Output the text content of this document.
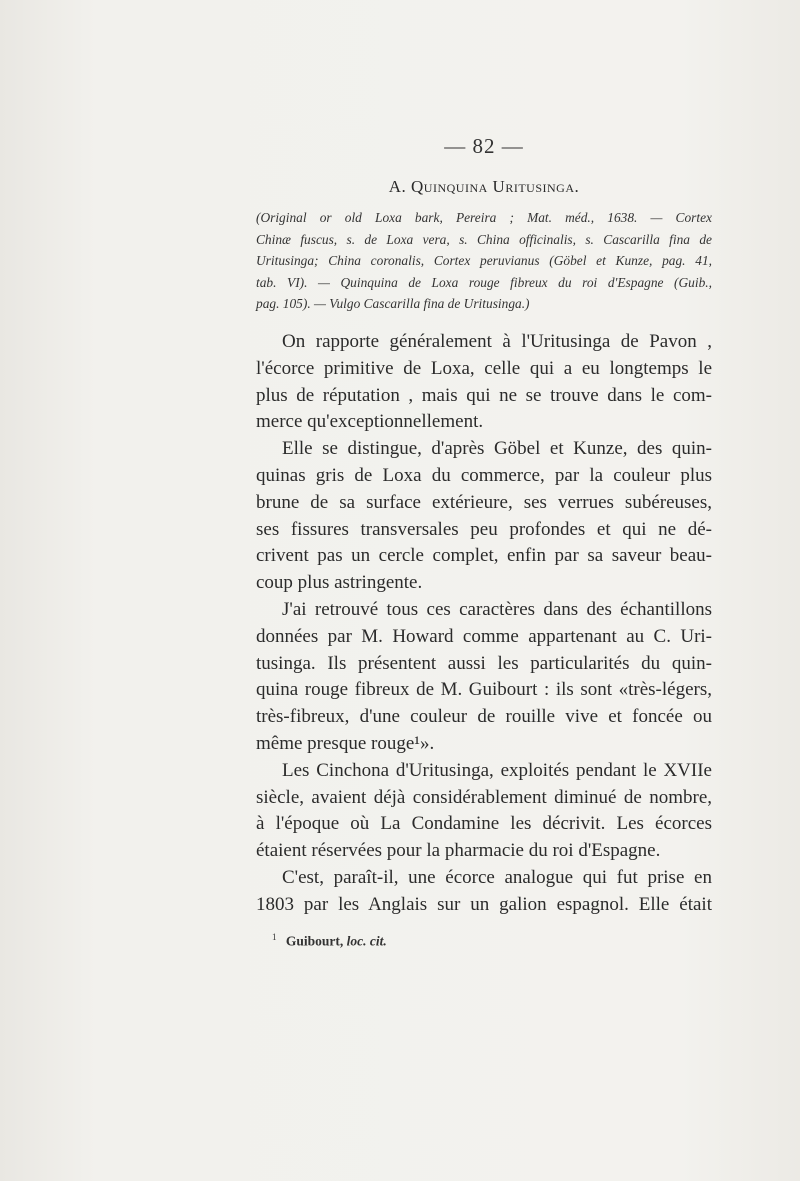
— 82 —
A. Quinquina Uritusinga.

(Original or old Loxa bark, Pereira ; Mat. méd., 1638. — Cortex
Chinæ fuscus, s. de Loxa vera, s. China officinalis, s. Cascarilla fina de
Uritusinga; China coronalis, Cortex peruvianus (Göbel et Kunze, pag. 41,
tab. VI). — Quinquina de Loxa rouge fibreux du roi d'Espagne (Guib.,
pag. 105). — Vulgo Cascarilla fina de Uritusinga.)

On rapporte généralement à l'Uritusinga de Pavon ,
l'écorce primitive de Loxa, celle qui a eu longtemps le
plus de réputation , mais qui ne se trouve dans le com-
merce qu'exceptionnellement.

Elle se distingue, d'après Göbel et Kunze, des quin-
quinas gris de Loxa du commerce, par la couleur plus
brune de sa surface extérieure, ses verrues subéreuses,
ses fissures transversales peu profondes et qui ne dé-
crivent pas un cercle complet, enfin par sa saveur beau-
coup plus astringente.

J'ai retrouvé tous ces caractères dans des échantillons
données par M. Howard comme appartenant au C. Uri-
tusinga. Ils présentent aussi les particularités du quin-
quina rouge fibreux de M. Guibourt : ils sont «très-légers,
très-fibreux, d'une couleur de rouille vive et foncée ou
même presque rouge¹».

Les Cinchona d'Uritusinga, exploités pendant le XVIIe
siècle, avaient déjà considérablement diminué de nombre,
à l'époque où La Condamine les décrivit. Les écorces
étaient réservées pour la pharmacie du roi d'Espagne.

C'est, paraît-il, une écorce analogue qui fut prise en
1803 par les Anglais sur un galion espagnol. Elle était

$^1$ Guibourt, loc. cit.
